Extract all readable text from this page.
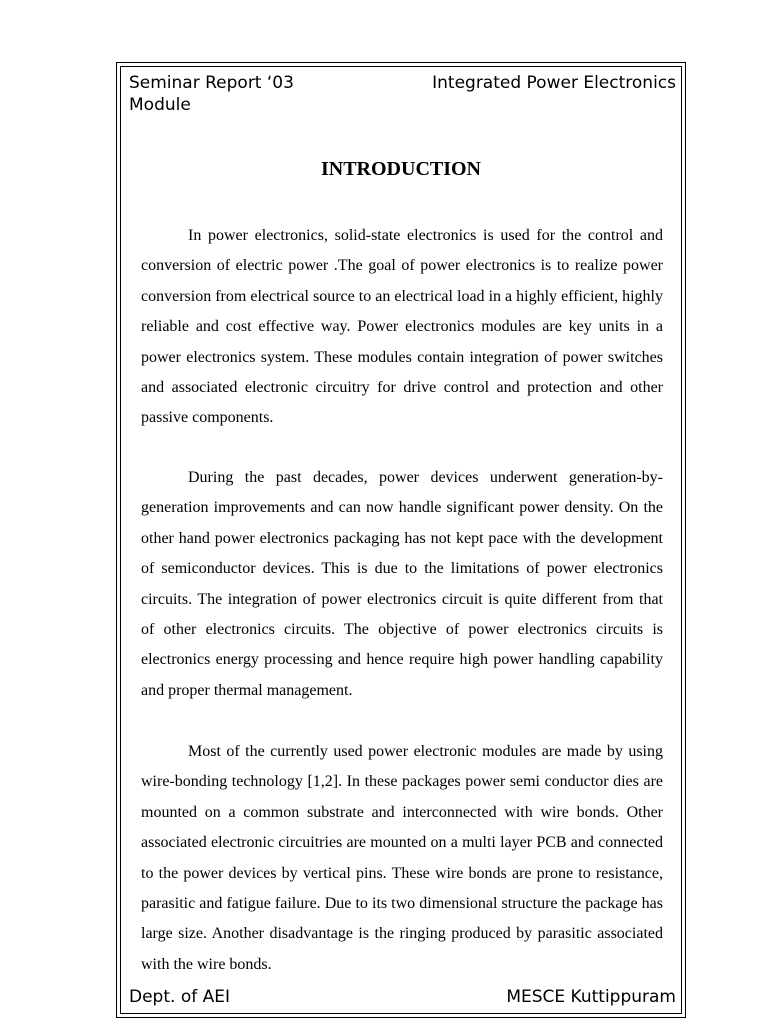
Seminar Report ‘03	Integrated Power Electronics
Module
INTRODUCTION

In power electronics, solid-state electronics is used for the control and conversion of electric power .The goal of power electronics is to realize power conversion from electrical source to an electrical load in a highly efficient, highly reliable and cost effective way. Power electronics modules are key units in a power electronics system. These modules contain integration of power switches and associated electronic circuitry for drive control and protection and other passive components.

During the past decades, power devices underwent generation-by-generation improvements and can now handle significant power density. On the other hand power electronics packaging has not kept pace with the development of semiconductor devices. This is due to the limitations of power electronics circuits. The integration of power electronics circuit is quite different from that of other electronics circuits. The objective of power electronics circuits is electronics energy processing and hence require high power handling capability and proper thermal management.

Most of the currently used power electronic modules are made by using wire-bonding technology [1,2]. In these packages power semi conductor dies are mounted on a common substrate and interconnected with wire bonds. Other associated electronic circuitries are mounted on a multi layer PCB and connected to the power devices by vertical pins. These wire bonds are prone to resistance, parasitic and fatigue failure. Due to its two dimensional structure the package has large size. Another disadvantage is the ringing produced by parasitic associated with the wire bonds.

Dept. of AEI	MESCE Kuttippuram
